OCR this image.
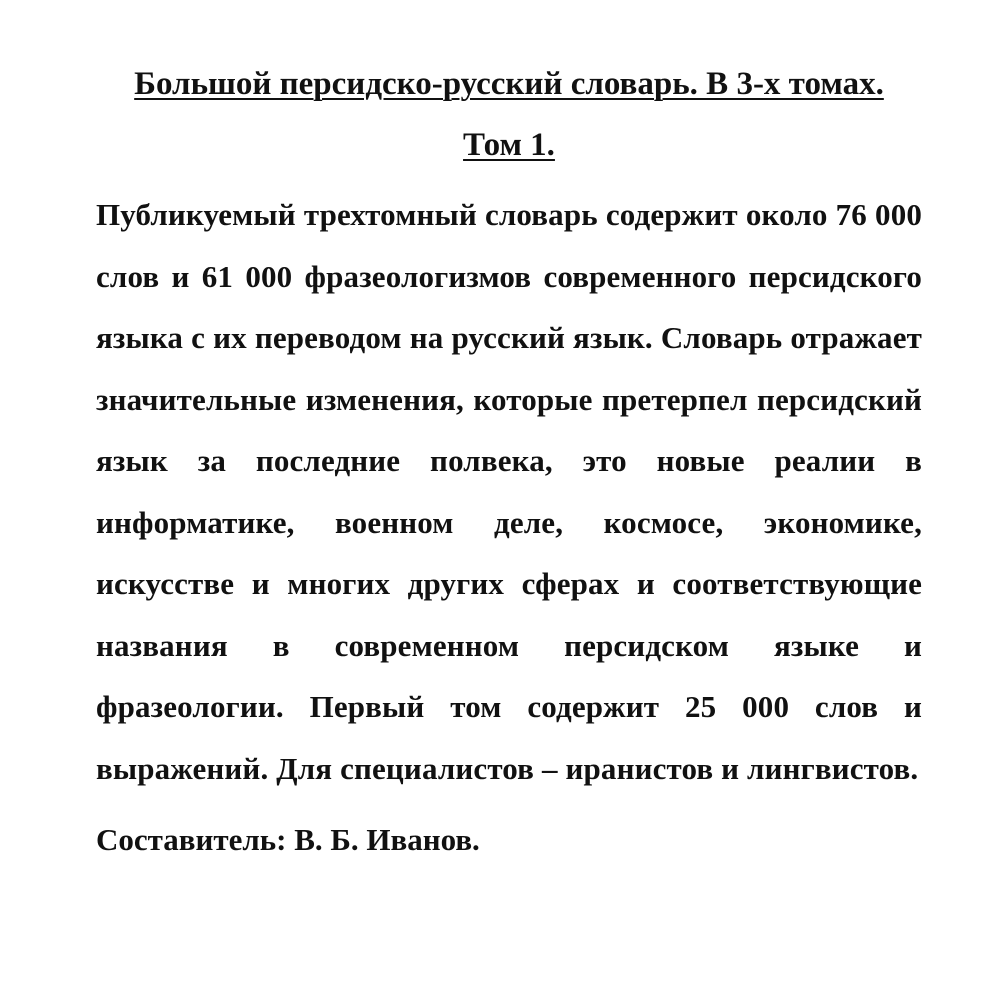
Большой персидско-русский словарь. В 3-х томах. Том 1.

Публикуемый трехтомный словарь содержит около 76 000 слов и 61 000 фразеологизмов современного персидского языка с их переводом на русский язык. Словарь отражает значительные изменения, которые претерпел персидский язык за последние полвека, это новые реалии в информатике, военном деле, космосе, экономике, искусстве и многих других сферах и соответствующие названия в современном персидском языке и фразеологии. Первый том содержит 25 000 слов и выражений. Для специалистов – иранистов и лингвистов.

Составитель: В. Б. Иванов.
